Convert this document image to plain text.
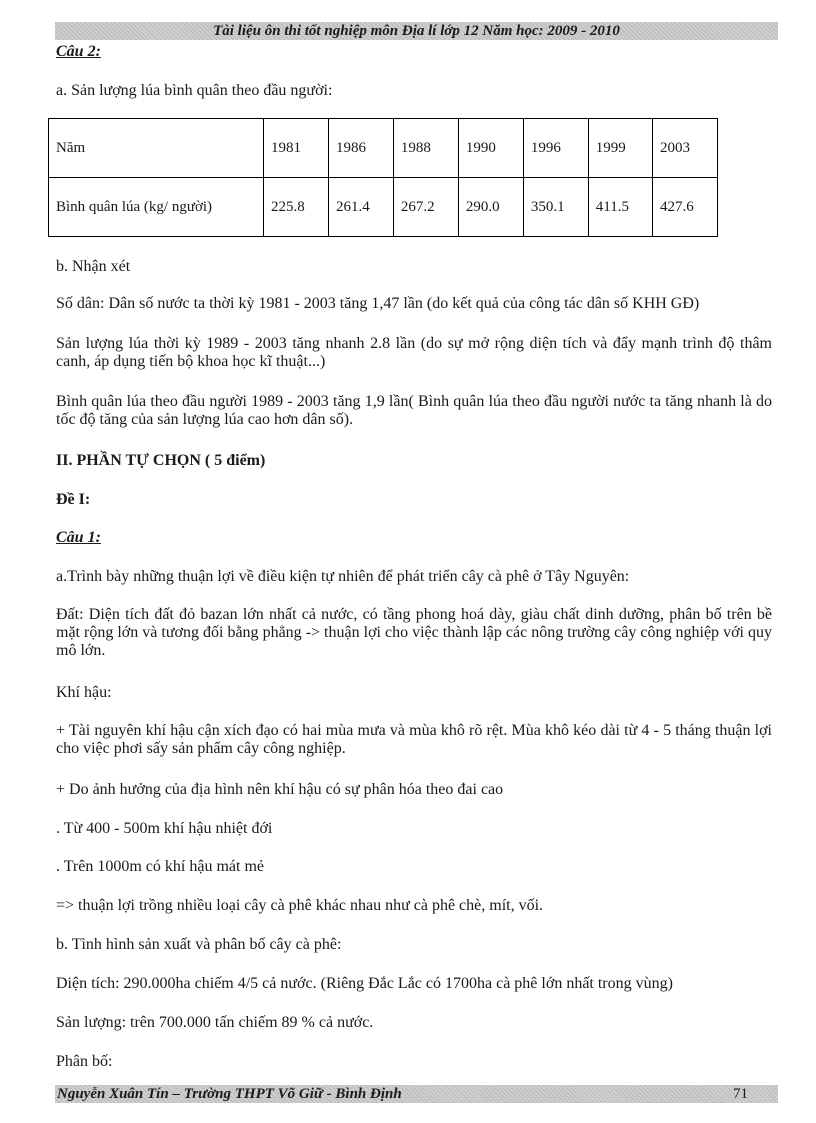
Tài liệu ôn thi tốt nghiệp môn Địa lí lớp 12 Năm học: 2009 - 2010

Câu 2:

a. Sản lượng lúa bình quân theo đầu người:

Năm	1981	1986	1988	1990	1996	1999	2003
Bình quân lúa (kg/ người)	225.8	261.4	267.2	290.0	350.1	411.5	427.6

b. Nhận xét

Số dân: Dân số nước ta thời kỳ 1981 - 2003 tăng 1,47 lần (do kết quả của công tác dân số KHH GĐ)

Sản lượng lúa thời kỳ 1989 - 2003 tăng nhanh 2.8 lần (do sự mở rộng diện tích và đẩy mạnh trình độ thâm canh, áp dụng tiến bộ khoa học kĩ thuật...)

Bình quân lúa theo đầu người 1989 - 2003 tăng 1,9 lần( Bình quân lúa theo đầu người nước ta tăng nhanh là do tốc độ tăng của sản lượng lúa cao hơn dân số).

II. PHẦN TỰ CHỌN ( 5 điểm)

Đề I:

Câu 1:

a.Trình bày những thuận lợi về điều kiện tự nhiên để phát triển cây cà phê ở Tây Nguyên:

Đất: Diện tích đất đỏ bazan lớn nhất cả nước, có tầng phong hoá dày, giàu chất dinh dưỡng, phân bố trên bề mặt rộng lớn và tương đối bằng phẳng -> thuận lợi cho việc thành lập các nông trường cây công nghiệp với quy mô lớn.

Khí hậu:

+ Tài nguyên khí hậu cận xích đạo có hai mùa mưa và mùa khô rõ rệt. Mùa khô kéo dài từ 4 - 5 tháng thuận lợi cho việc phơi sấy sản phẩm cây công nghiệp.

+ Do ảnh hưởng của địa hình nên khí hậu có sự phân hóa theo đai cao

. Từ 400 - 500m khí hậu nhiệt đới

. Trên 1000m có khí hậu mát mẻ

=> thuận lợi trồng nhiều loại cây cà phê khác nhau như cà phê chè, mít, vối.

b. Tình hình sản xuất và phân bố cây cà phê:

Diện tích: 290.000ha chiếm 4/5 cả nước. (Riêng Đắc Lắc có 1700ha cà phê lớn nhất trong vùng)

Sản lượng: trên 700.000 tấn chiếm 89 % cả nước.

Phân bố:

Nguyễn Xuân Tín – Trường THPT Võ Giữ - Bình Định	71
